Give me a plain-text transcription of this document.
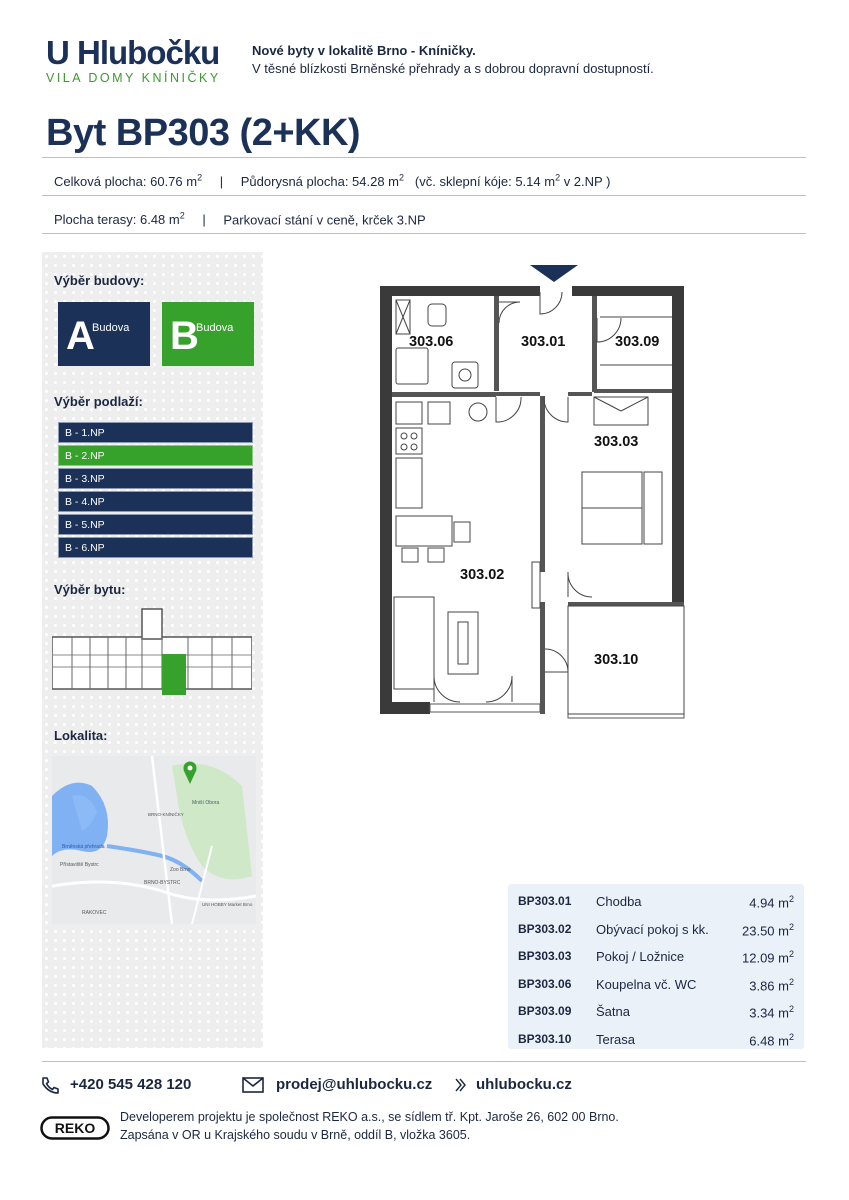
U Hlubočku
VILA DOMY KNÍNIČKY
Nové byty v lokalitě Brno - Kníničky.
V těsné blízkosti Brněnské přehrady a s dobrou dopravní dostupností.
Byt BP303 (2+KK)
Celková plocha: 60.76 $m^2$ | Půdorysná plocha: 54.28 $m^2$ (vč. sklepní kóje: 5.14 $m^2$ v 2.NP )
Plocha terasy: 6.48 $m^2$ | Parkovací stání v ceně, krček 3.NP
Výběr budovy:
A
Budova B
Budova
Výběr podlaží:
B - 1.NP
B - 2.NP
B - 3.NP
B - 4.NP
B - 5.NP
B - 6.NP
Výběr bytu:
Lokalita:
Mniší Obora
BRNO-KNÍNIČKY
Brněnská přehrada
Přístaviště Bystrc
Zoo Brno
BRNO-BYSTRC
RAKOVEC
UNI HOBBY Market Brno
303.06	303.01	303.09
303.03
303.02
303.10
BP303.01 Chodba	4.94 $m^2$
BP303.02 Obývací pokoj s kk.	23.50 $m^2$
BP303.03 Pokoj / Ložnice	12.09 $m^2$
BP303.06 Koupelna vč. WC	3.86 $m^2$
BP303.09 Šatna	3.34 $m^2$
BP303.10 Terasa	6.48 $m^2$
+420 545 428 120	prodej@uhlubocku.cz	uhlubocku.cz
REKO
Developerem projektu je společnost REKO a.s., se sídlem tř. Kpt. Jaroše 26, 602 00 Brno.
Zapsána v OR u Krajského soudu v Brně, oddíl B, vložka 3605.
